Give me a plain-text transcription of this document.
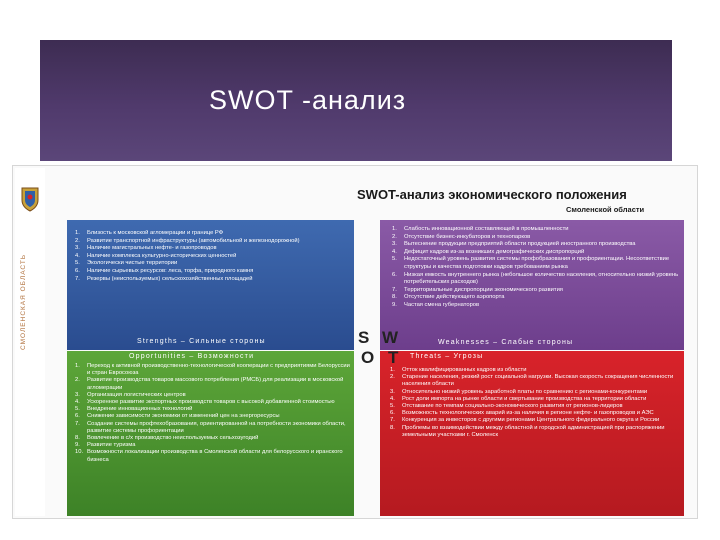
SWOT -анализ
СМОЛЕНСКАЯ ОБЛАСТЬ
SWOT-анализ экономического положения
Смоленской области
1.	Близость к московской агломерации и границе РФ
2.	Развитие транспортной инфраструктуры (автомобильной и железнодорожной)
3.	Наличие магистральных нефте- и газопроводов
4.	Наличие комплекса культурно-исторических ценностей
5.	Экологически чистые территории
6.	Наличие сырьевых ресурсов: леса, торфа, природного камня
7.	Резервы (неиспользуемых) сельскохозяйственных площадей
Strengths – Сильные стороны
1.	Слабость инновационной составляющей в промышленности
2.	Отсутствие бизнес-инкубаторов и технопарков
3.	Вытеснение продукции предприятий области продукцией иностранного производства
4.	Дефицит кадров из-за возникших демографических диспропорций
5.	Недостаточный уровень развития системы профобразования и профориентации. Несоответствие структуры и качества подготовки кадров требованиям рынка
6.	Низкая емкость внутреннего рынка (небольшое количество населения, относительно низкий уровень потребительских расходов)
7.	Территориальные диспропорции экономического развития
8.	Отсутствие действующего аэропорта
9.	Частая смена губернаторов
Weaknesses – Слабые стороны
Opportunities – Возможности
1.	Переход к активной производственно-технологической кооперации с предприятиями Белоруссии и стран Евросоюза
2.	Развитие производства товаров массового потребления (РМСБ) для реализации в московской агломерации
3.	Организация логистических центров
4.	Ускоренное развитие экспортных производств товаров с высокой добавленной стоимостью
5.	Внедрение инновационных технологий
6.	Снижение зависимости экономики от изменений цен на энергоресурсы
7.	Создание системы профтехобразования, ориентированной на потребности экономики области, развитие системы профориентации
8.	Вовлечение в с/х производство неиспользуемых сельхозугодий
9.	Развитие туризма
10. Возможности локализации производства в Смоленской области для белорусского и иранского бизнеса
Threats – Угрозы
1.	Отток квалифицированных кадров из области
2.	Старение населения, резкий рост социальной нагрузки. Высокая скорость сокращения численности населения области
3.	Относительно низкий уровень заработной платы по сравнению с регионами-конкурентами
4.	Рост доли импорта на рынке области и свертывание производства на территории области
5.	Отставание по темпам социально-экономического развития от регионов-лидеров
6.	Возможность технологических аварий из-за наличия в регионе нефте- и газопроводов и АЭС
7.	Конкуренция за инвесторов с другими регионами Центрального федерального округа и России
8.	Проблемы во взаимодействии между областной и городской администрацией при распоряжении земельными участками г. Смоленск
S
O
W
T
